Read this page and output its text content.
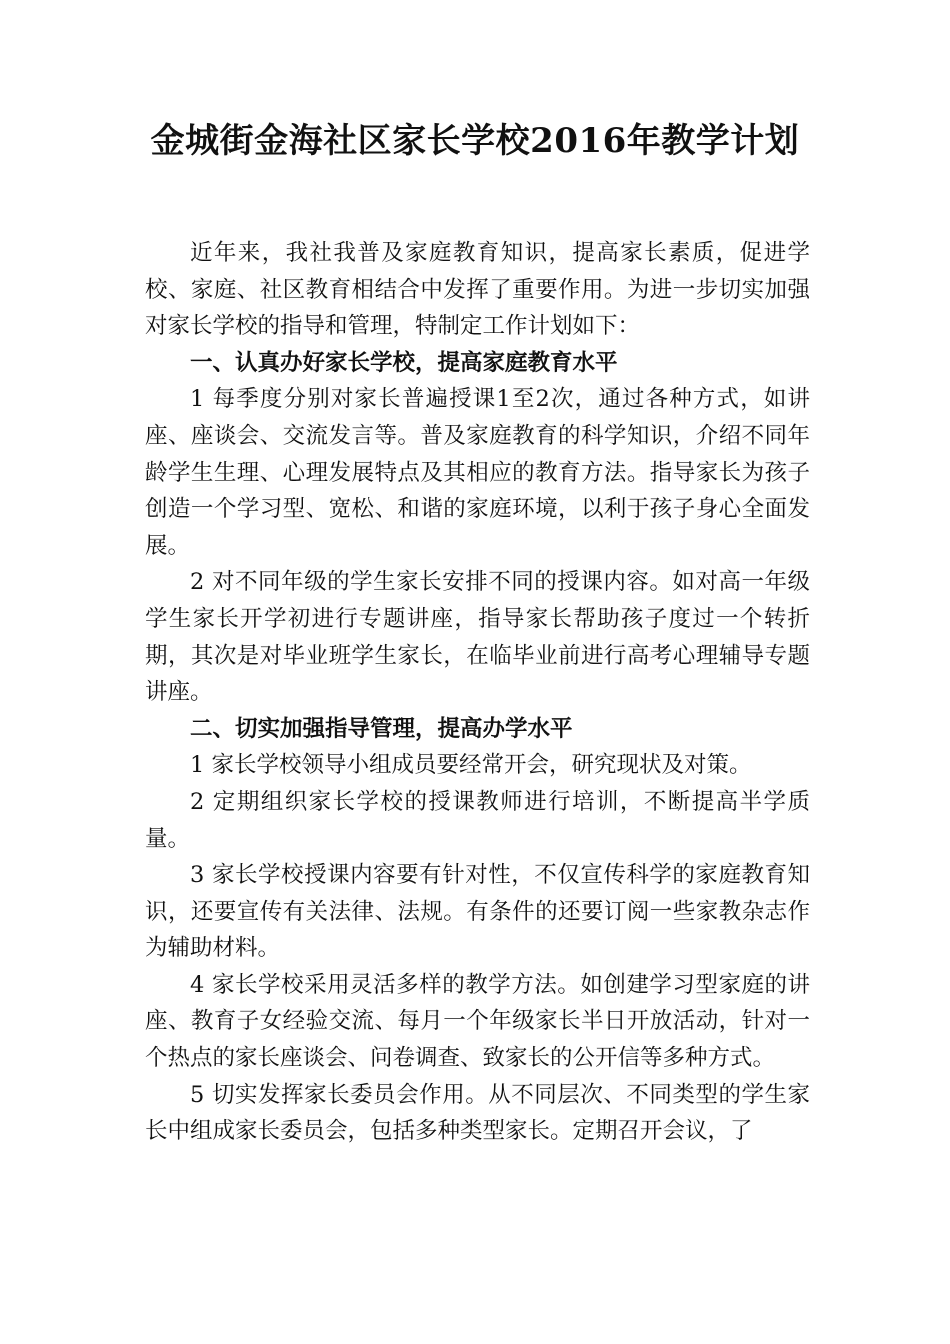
金城街金海社区家长学校2016年教学计划

近年来，我社我普及家庭教育知识，提高家长素质，促进学校、家庭、社区教育相结合中发挥了重要作用。为进一步切实加强对家长学校的指导和管理，特制定工作计划如下：

一、认真办好家长学校，提高家庭教育水平

1 每季度分别对家长普遍授课1至2次，通过各种方式，如讲座、座谈会、交流发言等。普及家庭教育的科学知识，介绍不同年龄学生生理、心理发展特点及其相应的教育方法。指导家长为孩子创造一个学习型、宽松、和谐的家庭环境，以利于孩子身心全面发展。

2 对不同年级的学生家长安排不同的授课内容。如对高一年级学生家长开学初进行专题讲座，指导家长帮助孩子度过一个转折期，其次是对毕业班学生家长，在临毕业前进行高考心理辅导专题讲座。

二、切实加强指导管理，提高办学水平

1 家长学校领导小组成员要经常开会，研究现状及对策。

2 定期组织家长学校的授课教师进行培训，不断提高半学质量。

3 家长学校授课内容要有针对性，不仅宣传科学的家庭教育知识，还要宣传有关法律、法规。有条件的还要订阅一些家教杂志作为辅助材料。

4 家长学校采用灵活多样的教学方法。如创建学习型家庭的讲座、教育子女经验交流、每月一个年级家长半日开放活动，针对一个热点的家长座谈会、问卷调查、致家长的公开信等多种方式。

5 切实发挥家长委员会作用。从不同层次、不同类型的学生家长中组成家长委员会，包括多种类型家长。定期召开会议，了
